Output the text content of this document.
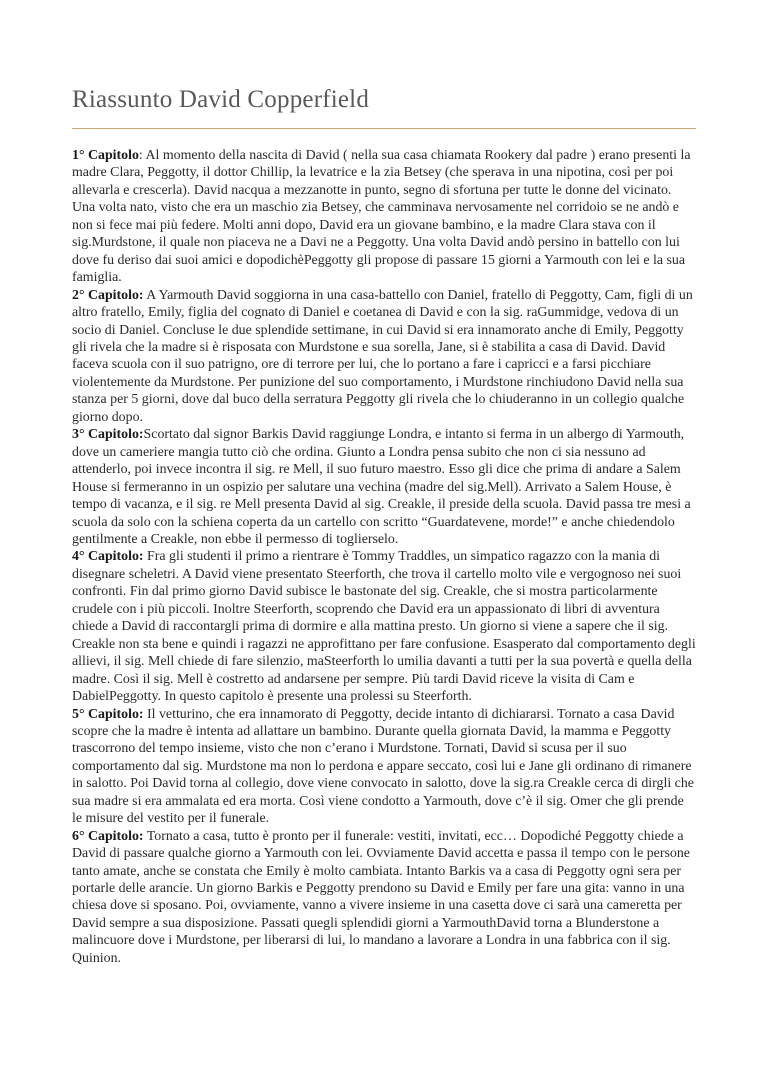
Riassunto David Copperfield

1° Capitolo: Al momento della nascita di David ( nella sua casa chiamata Rookery dal padre ) erano presenti la madre Clara, Peggotty, il dottor Chillip, la levatrice e la zia Betsey (che sperava in una nipotina, così per poi allevarla e crescerla). David nacqua a mezzanotte in punto, segno di sfortuna per tutte le donne del vicinato. Una volta nato, visto che era un maschio zia Betsey, che camminava nervosamente nel corridoio se ne andò e non si fece mai più federe. Molti anni dopo, David era un giovane bambino, e la madre Clara stava con il sig.Murdstone, il quale non piaceva ne a Davi ne a Peggotty. Una volta David andò persino in battello con lui dove fu deriso dai suoi amici e dopodichèPeggotty gli propose di passare 15 giorni a Yarmouth con lei e la sua famiglia.

2° Capitolo: A Yarmouth David soggiorna in una casa-battello con Daniel, fratello di Peggotty, Cam, figli di un altro fratello, Emily, figlia del cognato di Daniel e coetanea di David e con la sig. raGummidge, vedova di un socio di Daniel. Concluse le due splendide settimane, in cui David si era innamorato anche di Emily, Peggotty gli rivela che la madre si è risposata con Murdstone e sua sorella, Jane, si è stabilita a casa di David. David faceva scuola con il suo patrigno, ore di terrore per lui, che lo portano a fare i capricci e a farsi picchiare violentemente da Murdstone. Per punizione del suo comportamento, i Murdstone rinchiudono David nella sua stanza per 5 giorni, dove dal buco della serratura Peggotty gli rivela che lo chiuderanno in un collegio qualche giorno dopo.

3° Capitolo:Scortato dal signor Barkis David raggiunge Londra, e intanto si ferma in un albergo di Yarmouth, dove un cameriere mangia tutto ciò che ordina. Giunto a Londra pensa subito che non ci sia nessuno ad attenderlo, poi invece incontra il sig. re Mell, il suo futuro maestro. Esso gli dice che prima di andare a Salem House si fermeranno in un ospizio per salutare una vechina (madre del sig.Mell). Arrivato a Salem House, è tempo di vacanza, e il sig. re Mell presenta David al sig. Creakle, il preside della scuola. David passa tre mesi a scuola da solo con la schiena coperta da un cartello con scritto “Guardatevene, morde!” e anche chiedendolo gentilmente a Creakle, non ebbe il permesso di toglierselo.

4° Capitolo: Fra gli studenti il primo a rientrare è Tommy Traddles, un simpatico ragazzo con la mania di disegnare scheletri. A David viene presentato Steerforth, che trova il cartello molto vile e vergognoso nei suoi confronti. Fin dal primo giorno David subisce le bastonate del sig. Creakle, che si mostra particolarmente crudele con i più piccoli. Inoltre Steerforth, scoprendo che David era un appassionato di libri di avventura chiede a David di raccontargli prima di dormire e alla mattina presto. Un giorno si viene a sapere che il sig. Creakle non sta bene e quindi i ragazzi ne approfittano per fare confusione. Esasperato dal comportamento degli allievi, il sig. Mell chiede di fare silenzio, maSteerforth lo umilia davanti a tutti per la sua povertà e quella della madre. Così il sig. Mell è costretto ad andarsene per sempre. Più tardi David riceve la visita di Cam e DabielPeggotty. In questo capitolo è presente una prolessi su Steerforth.

5° Capitolo: Il vetturino, che era innamorato di Peggotty, decide intanto di dichiararsi. Tornato a casa David scopre che la madre è intenta ad allattare un bambino. Durante quella giornata David, la mamma e Peggotty trascorrono del tempo insieme, visto che non c’erano i Murdstone. Tornati, David si scusa per il suo comportamento dal sig. Murdstone ma non lo perdona e appare seccato, così lui e Jane gli ordinano di rimanere in salotto. Poi David torna al collegio, dove viene convocato in salotto, dove la sig.ra Creakle cerca di dirgli che sua madre si era ammalata ed era morta. Così viene condotto a Yarmouth, dove c’è il sig. Omer che gli prende le misure del vestito per il funerale.

6° Capitolo: Tornato a casa, tutto è pronto per il funerale: vestiti, invitati, ecc… Dopodiché Peggotty chiede a David di passare qualche giorno a Yarmouth con lei. Ovviamente David accetta e passa il tempo con le persone tanto amate, anche se constata che Emily è molto cambiata. Intanto Barkis va a casa di Peggotty ogni sera per portarle delle arancie. Un giorno Barkis e Peggotty prendono su David e Emily per fare una gita: vanno in una chiesa dove si sposano. Poi, ovviamente, vanno a vivere insieme in una casetta dove ci sarà una cameretta per David sempre a sua disposizione. Passati quegli splendidi giorni a YarmouthDavid torna a Blunderstone a malincuore dove i Murdstone, per liberarsi di lui, lo mandano a lavorare a Londra in una fabbrica con il sig. Quinion.
